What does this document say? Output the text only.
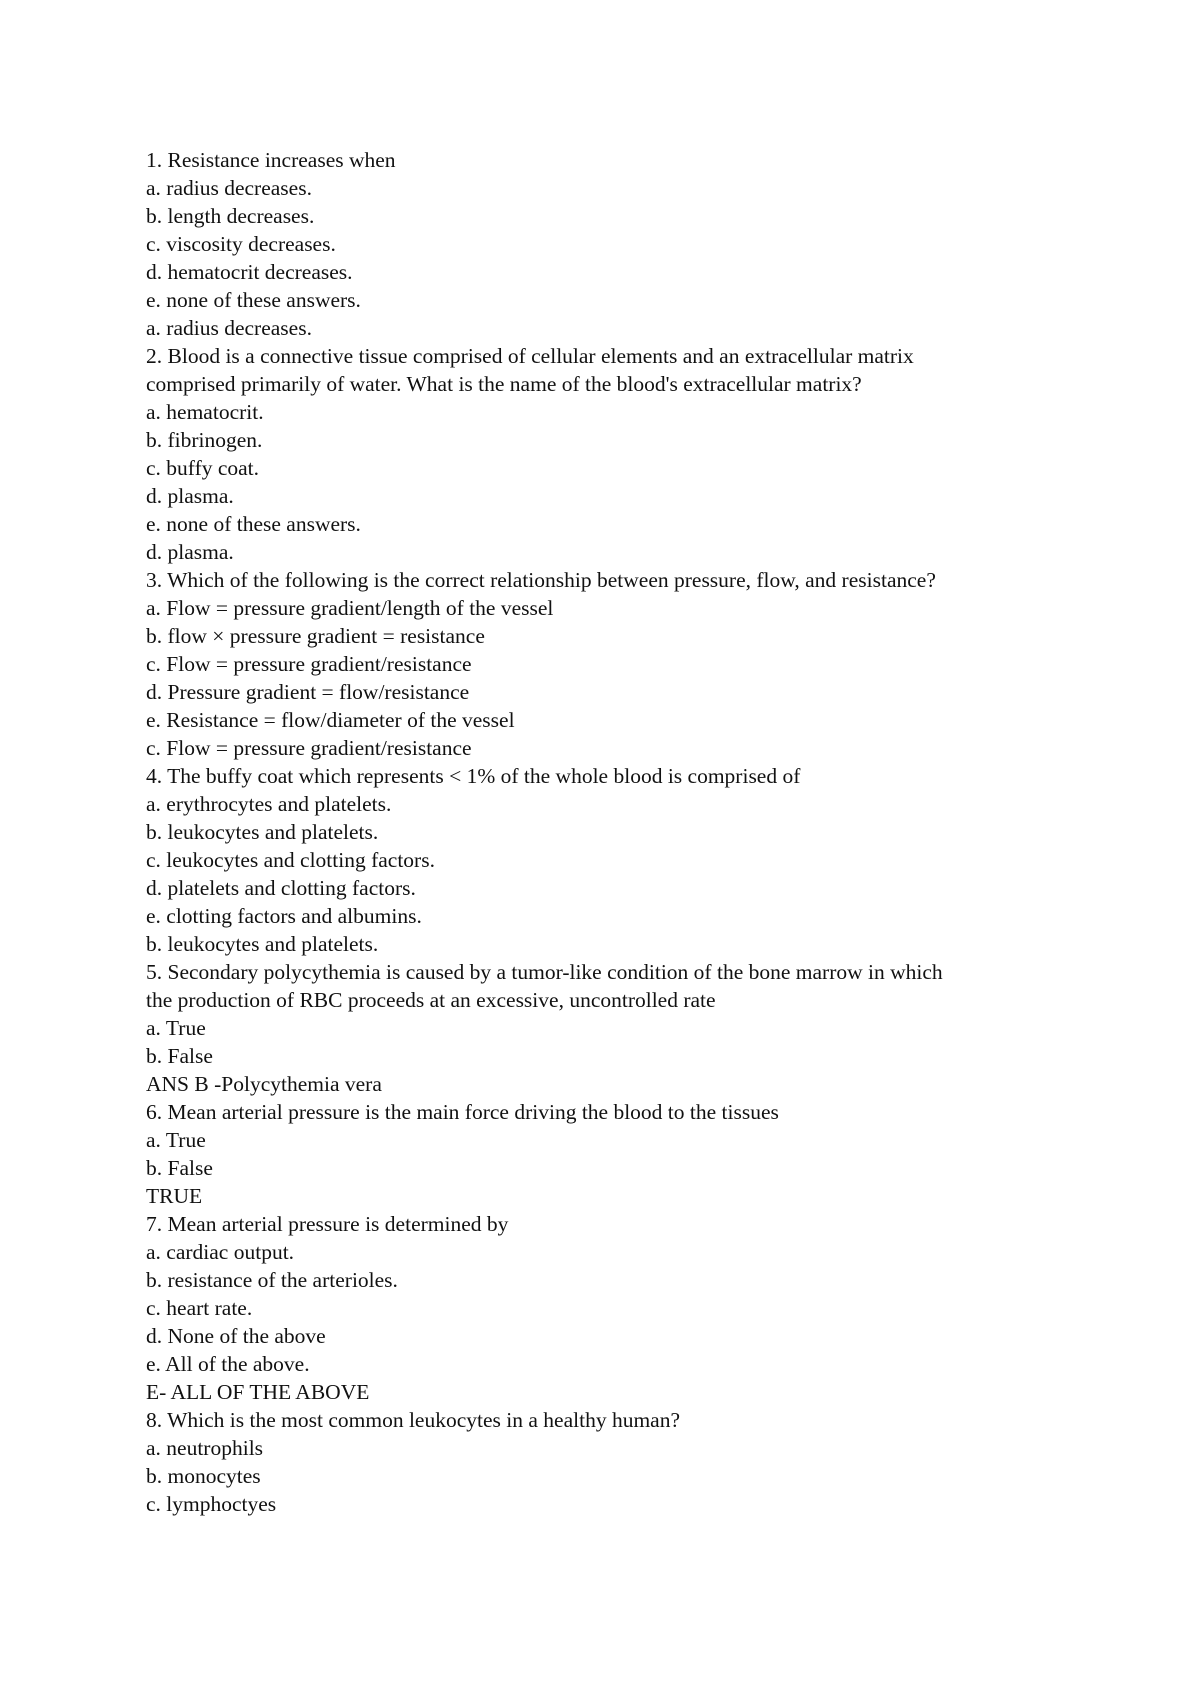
1. Resistance increases when
a. radius decreases.
b. length decreases.
c. viscosity decreases.
d. hematocrit decreases.
e. none of these answers.
a. radius decreases.
2. Blood is a connective tissue comprised of cellular elements and an extracellular matrix
comprised primarily of water. What is the name of the blood's extracellular matrix?
a. hematocrit.
b. fibrinogen.
c. buffy coat.
d. plasma.
e. none of these answers.
d. plasma.
3. Which of the following is the correct relationship between pressure, flow, and resistance?
a. Flow = pressure gradient/length of the vessel
b. flow × pressure gradient = resistance
c. Flow = pressure gradient/resistance
d. Pressure gradient = flow/resistance
e. Resistance = flow/diameter of the vessel
c. Flow = pressure gradient/resistance
4. The buffy coat which represents < 1% of the whole blood is comprised of
a. erythrocytes and platelets.
b. leukocytes and platelets.
c. leukocytes and clotting factors.
d. platelets and clotting factors.
e. clotting factors and albumins.
b. leukocytes and platelets.
5. Secondary polycythemia is caused by a tumor-like condition of the bone marrow in which
the production of RBC proceeds at an excessive, uncontrolled rate
a. True
b. False
ANS B -Polycythemia vera
6. Mean arterial pressure is the main force driving the blood to the tissues
a. True
b. False
TRUE
7. Mean arterial pressure is determined by
a. cardiac output.
b. resistance of the arterioles.
c. heart rate.
d. None of the above
e. All of the above.
E- ALL OF THE ABOVE
8. Which is the most common leukocytes in a healthy human?
a. neutrophils
b. monocytes
c. lymphoctyes
